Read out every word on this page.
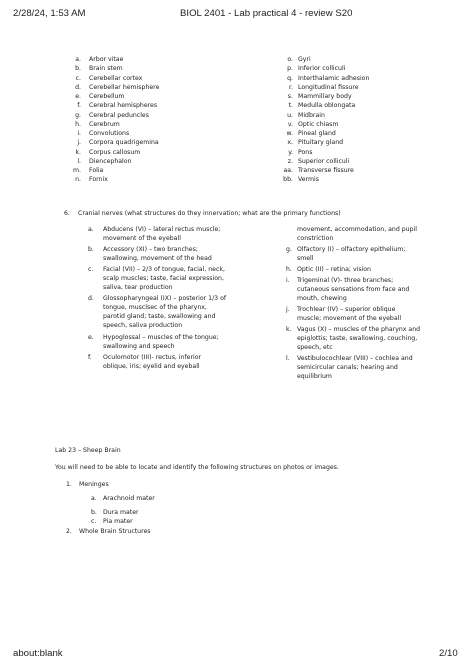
2/28/24, 1:53 AM	BIOL 2401 - Lab practical 4 - review S20
a. Arbor vitae
b. Brain stem
c. Cerebellar cortex
d. Cerebellar hemisphere
e. Cerebellum
f. Cerebral hemispheres
g. Cerebral peduncles
h. Cerebrum
i. Convolutions
j. Corpora quadrigemina
k. Corpus callosum
l. Diencephalon
m. Folia
n. Fornix
o. Gyri
p. Inferior colliculi
q. Interthalamic adhesion
r. Longitudinal fissure
s. Mammillary body
t. Medulla oblongata
u. Midbrain
v. Optic chiasm
w. Pineal gland
x. Pituitary gland
y. Pons
z. Superior colliculi
aa. Transverse fissure
bb. Vermis
6. Cranial nerves (what structures do they innervation; what are the primary functions)
a. Abducens (VI) – lateral rectus muscle;
movement of the eyeball
b. Accessory (XI) – two branches;
swallowing, movement of the head
c. Facial (VII) – 2/3 of tongue, facial, neck,
scalp muscles; taste, facial expression,
saliva, tear production
d. Glossopharyngeal (IX) – posterior 1/3 of
tongue, musclsec of the pharynx,
parotid gland; taste, swallowing and
speech, saliva production
e. Hypoglossal – muscles of the tongue;
swallowing and speech
f. Oculomotor (III)- rectus, inferior
oblique, iris; eyelid and eyeball
movement, accommodation, and pupil
constriction
g. Olfactory (I) – olfactory epithelium;
smell
h. Optic (II) – retina; vision
i. Trigeminal (V)- three branches;
cutaneous sensations from face and
mouth, chewing
j. Trochlear (IV) – superior oblique
muscle; movement of the eyeball
k. Vagus (X) – muscles of the pharynx and
epiglottis; taste, swallowing, couching,
speech, etc
l. Vestibulocochlear (VIII) – cochlea and
semicircular canals; hearing and
equilibrium
Lab 23 – Sheep Brain
You will need to be able to locate and identify the following structures on photos or images.
1. Meninges
a. Arachnoid mater
b. Dura mater
c. Pia mater
2. Whole Brain Structures
about:blank	2/10
